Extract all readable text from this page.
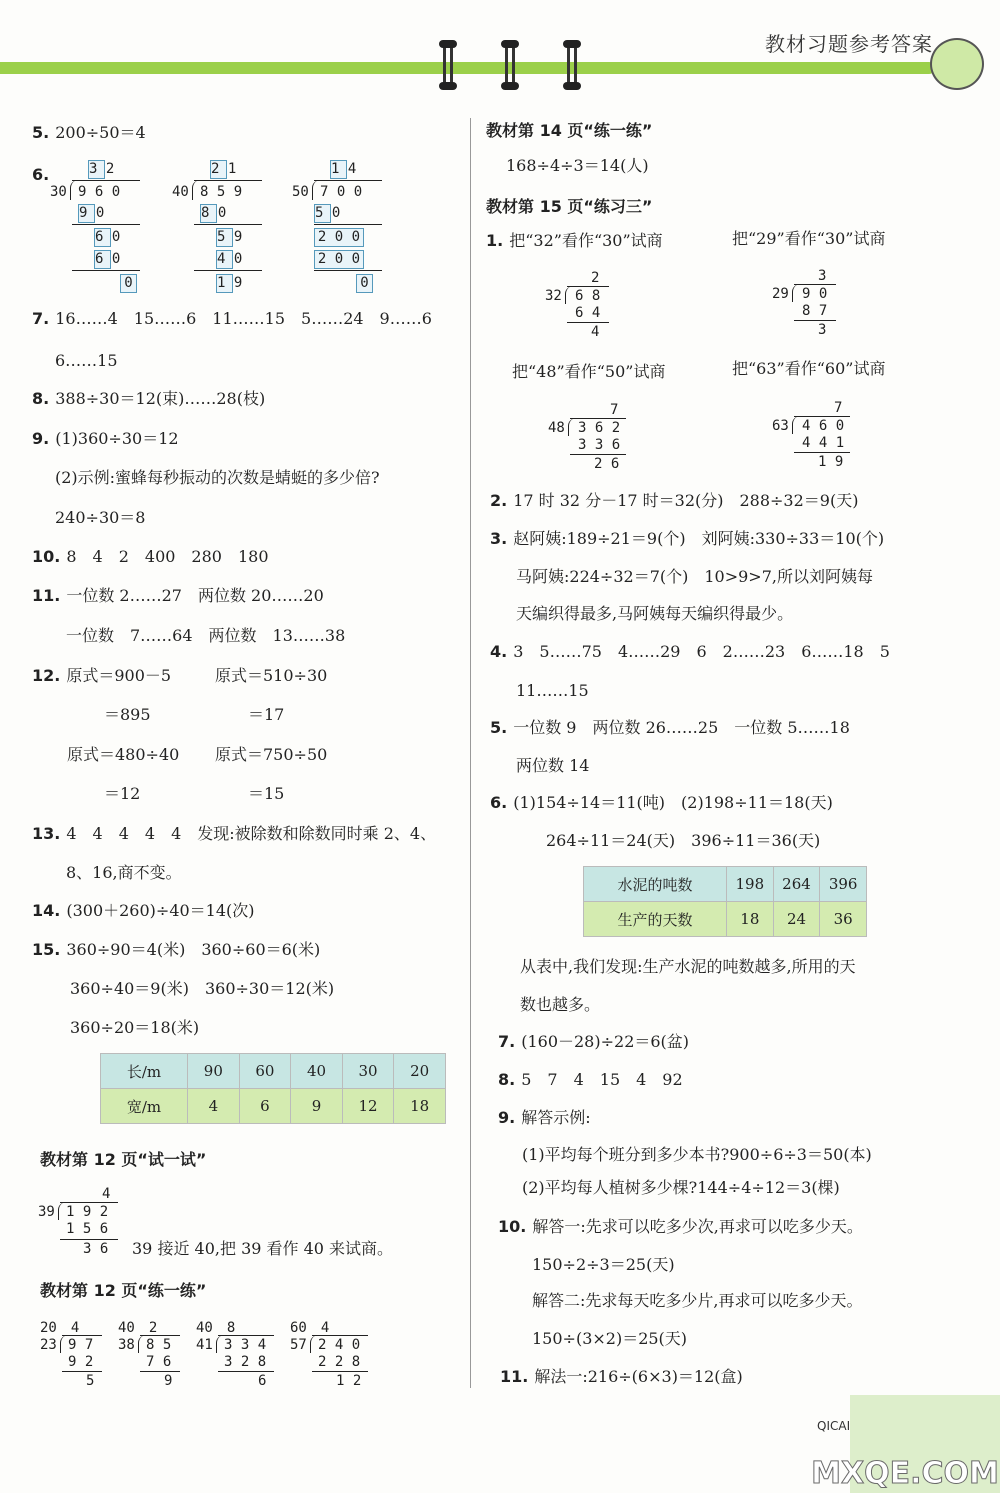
教材习题参考答案
5. 200÷50＝4
6.	3 2
30 9 6 0
9 0
6 0
6 0
0
2 1
40 8 5 9
8 0
5 9
4 0
1 9
1 4
50 7 0 0
5 0
2 0 0
2 0 0
0
7. 16……4　15……6　11……15　5……24　9……6
6……15
8. 388÷30＝12(束)……28(枝)
9. (1)360÷30＝12
(2)示例:蜜蜂每秒振动的次数是蜻蜓的多少倍?
240÷30＝8
10. 8　4　2　400　280　180
11. 一位数 2……27　两位数 20……20
一位数　7……64　两位数　13……38
12. 原式＝900－5	原式＝510÷30
＝895	＝17
原式＝480÷40 原式＝750÷50
＝12	＝15
13. 4　4　4　4　4　发现:被除数和除数同时乘 2、4、
8、16,商不变。
14. (300＋260)÷40＝14(次)
15. 360÷90＝4(米)　360÷60＝6(米)
360÷40＝9(米)　360÷30＝12(米)
360÷20＝18(米)
长/m	90	60	40	30	20
宽/m	4	6	9	12	18
教材第 12 页“试一试”
4
39 1 9 2
1 5 6
3 6 39 接近 40,把 39 看作 40 来试商。
教材第 12 页“练一练”
20　4
23 9 7
9 2
5
40　2
38 8 5
7 6
9
40　8
41 3 3 4
3 2 8
6
60　4
57 2 4 0
2 2 8
1 2
教材第 14 页“练一练”
168÷4÷3＝14(人)
教材第 15 页“练习三”
1. 把“32”看作“30”试商	把“29”看作“30”试商
2
32 6 8
6 4
4
3
29 9 0
8 7
3
把“48”看作“50”试商	把“63”看作“60”试商
7
48 3 6 2
3 3 6
2 6
7
63 4 6 0
4 4 1
1 9
2. 17 时 32 分－17 时＝32(分)　288÷32＝9(天)
3. 赵阿姨:189÷21＝9(个)　刘阿姨:330÷33＝10(个)
马阿姨:224÷32＝7(个)　10>9>7,所以刘阿姨每
天编织得最多,马阿姨每天编织得最少。
4. 3　5……75　4……29　6　2……23　6……18　5
11……15
5. 一位数 9　两位数 26……25　一位数 5……18
两位数 14
6. (1)154÷14＝11(吨)　(2)198÷11＝18(天)
264÷11＝24(天)　396÷11＝36(天)
水泥的吨数	198	264	396
生产的天数	18	24	36
从表中,我们发现:生产水泥的吨数越多,所用的天
数也越多。
7. (160－28)÷22＝6(盆)
8. 5　7　4　15　4　92
9. 解答示例:
(1)平均每个班分到多少本书?900÷6÷3＝50(本)
(2)平均每人植树多少棵?144÷4÷12＝3(棵)
10. 解答一:先求可以吃多少次,再求可以吃多少天。
150÷2÷3＝25(天)
解答二:先求每天吃多少片,再求可以吃多少天。
150÷(3×2)＝25(天)
11. 解法一:216÷(6×3)＝12(盒)
QICAI
MXQE.COM
